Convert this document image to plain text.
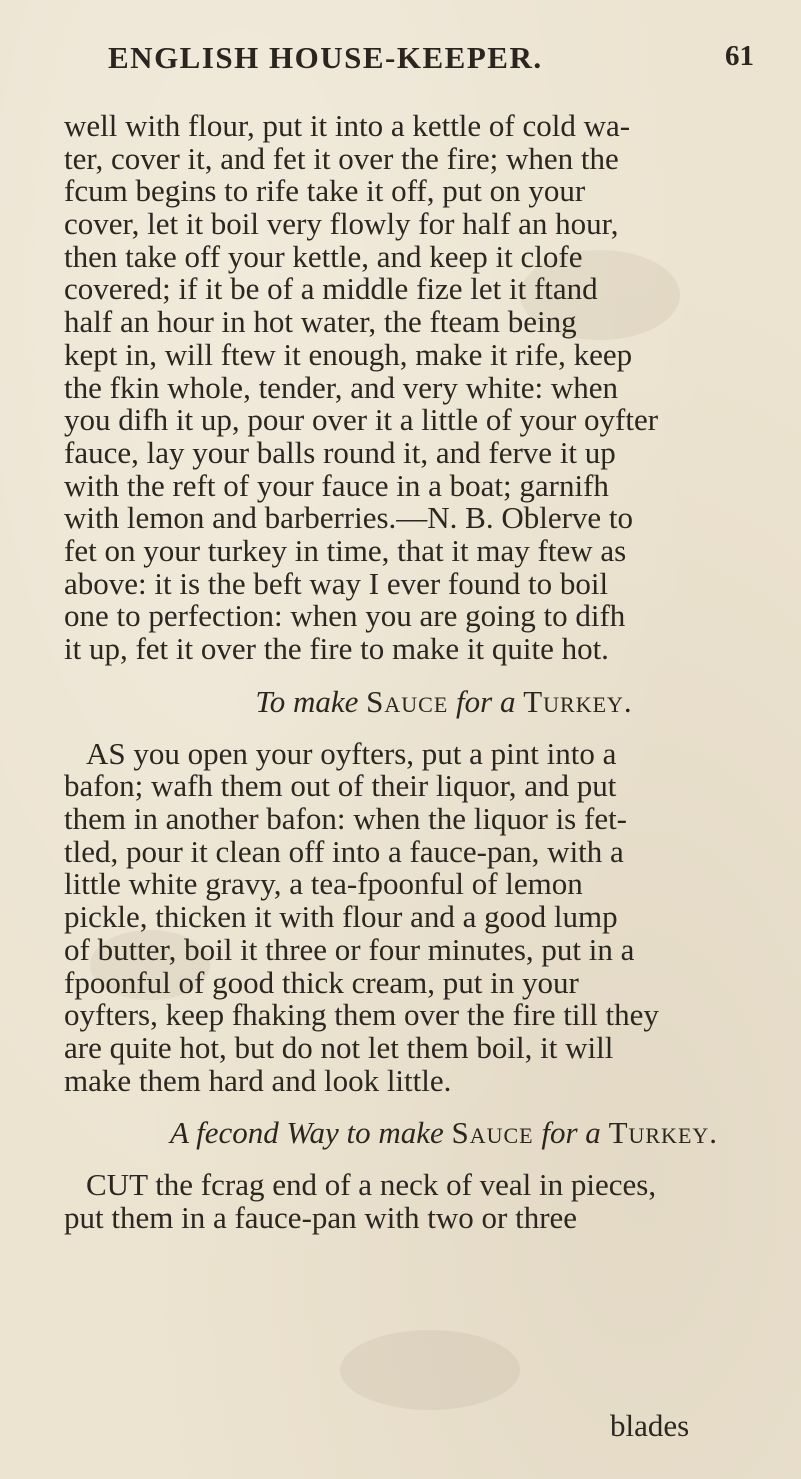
ENGLISH HOUSE-KEEPER.	61
well with flour, put it into a kettle of cold wa-
ter, cover it, and fet it over the fire; when the
fcum begins to rife take it off, put on your
cover, let it boil very flowly for half an hour,
then take off your kettle, and keep it clofe
covered; if it be of a middle fize let it ftand
half an hour in hot water, the fteam being
kept in, will ftew it enough, make it rife, keep
the fkin whole, tender, and very white: when
you difh it up, pour over it a little of your oyfter
fauce, lay your balls round it, and ferve it up
with the reft of your fauce in a boat; garnifh
with lemon and barberries.—N. B. Oblerve to
fet on your turkey in time, that it may ftew as
above: it is the beft way I ever found to boil
one to perfection: when you are going to difh
it up, fet it over the fire to make it quite hot.
To make Sauce for a Turkey.
AS you open your oyfters, put a pint into a
bafon; wafh them out of their liquor, and put
them in another bafon: when the liquor is fet-
tled, pour it clean off into a fauce-pan, with a
little white gravy, a tea-fpoonful of lemon
pickle, thicken it with flour and a good lump
of butter, boil it three or four minutes, put in a
fpoonful of good thick cream, put in your
oyfters, keep fhaking them over the fire till they
are quite hot, but do not let them boil, it will
make them hard and look little.
A fecond Way to make Sauce for a Turkey.
CUT the fcrag end of a neck of veal in pieces,
put them in a fauce-pan with two or three
blades
